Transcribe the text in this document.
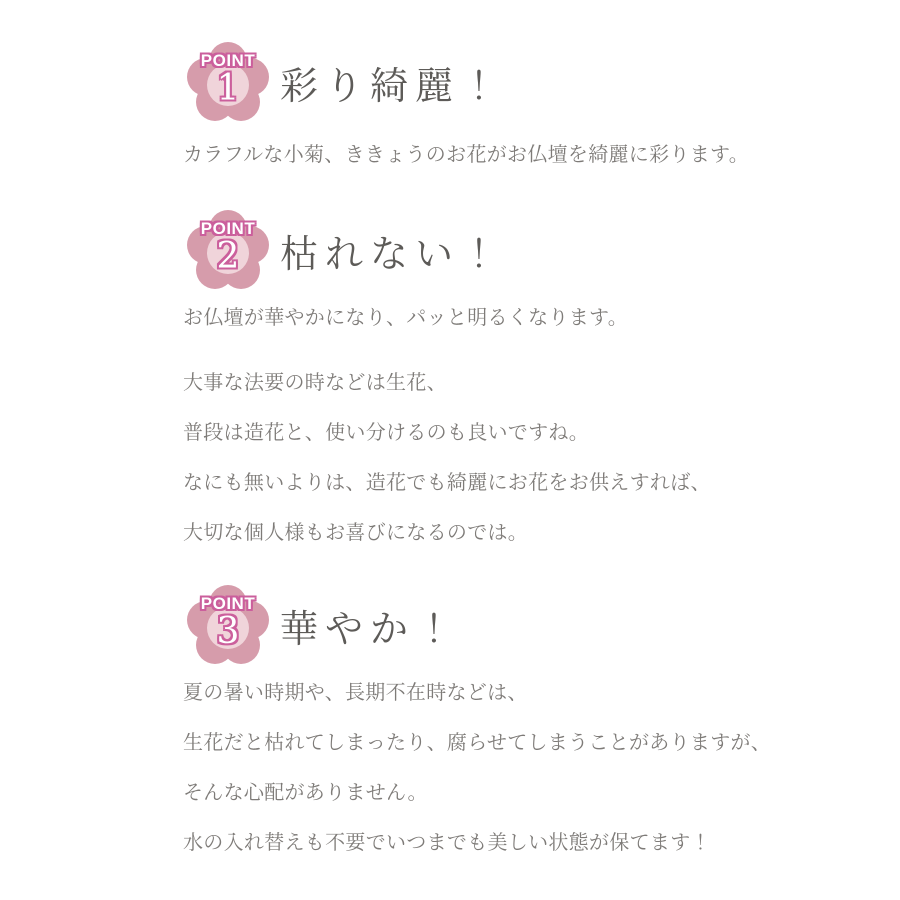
POINT
1	彩り綺麗！

カラフルな小菊、ききょうのお花がお仏壇を綺麗に彩ります。

POINT
2	枯れない！

お仏壇が華やかになり、パッと明るくなります。

大事な法要の時などは生花、
普段は造花と、使い分けるのも良いですね。
なにも無いよりは、造花でも綺麗にお花をお供えすれば、
大切な個人様もお喜びになるのでは。

POINT
3	華やか！

夏の暑い時期や、長期不在時などは、
生花だと枯れてしまったり、腐らせてしまうことがありますが、
そんな心配がありません。
水の入れ替えも不要でいつまでも美しい状態が保てます！
